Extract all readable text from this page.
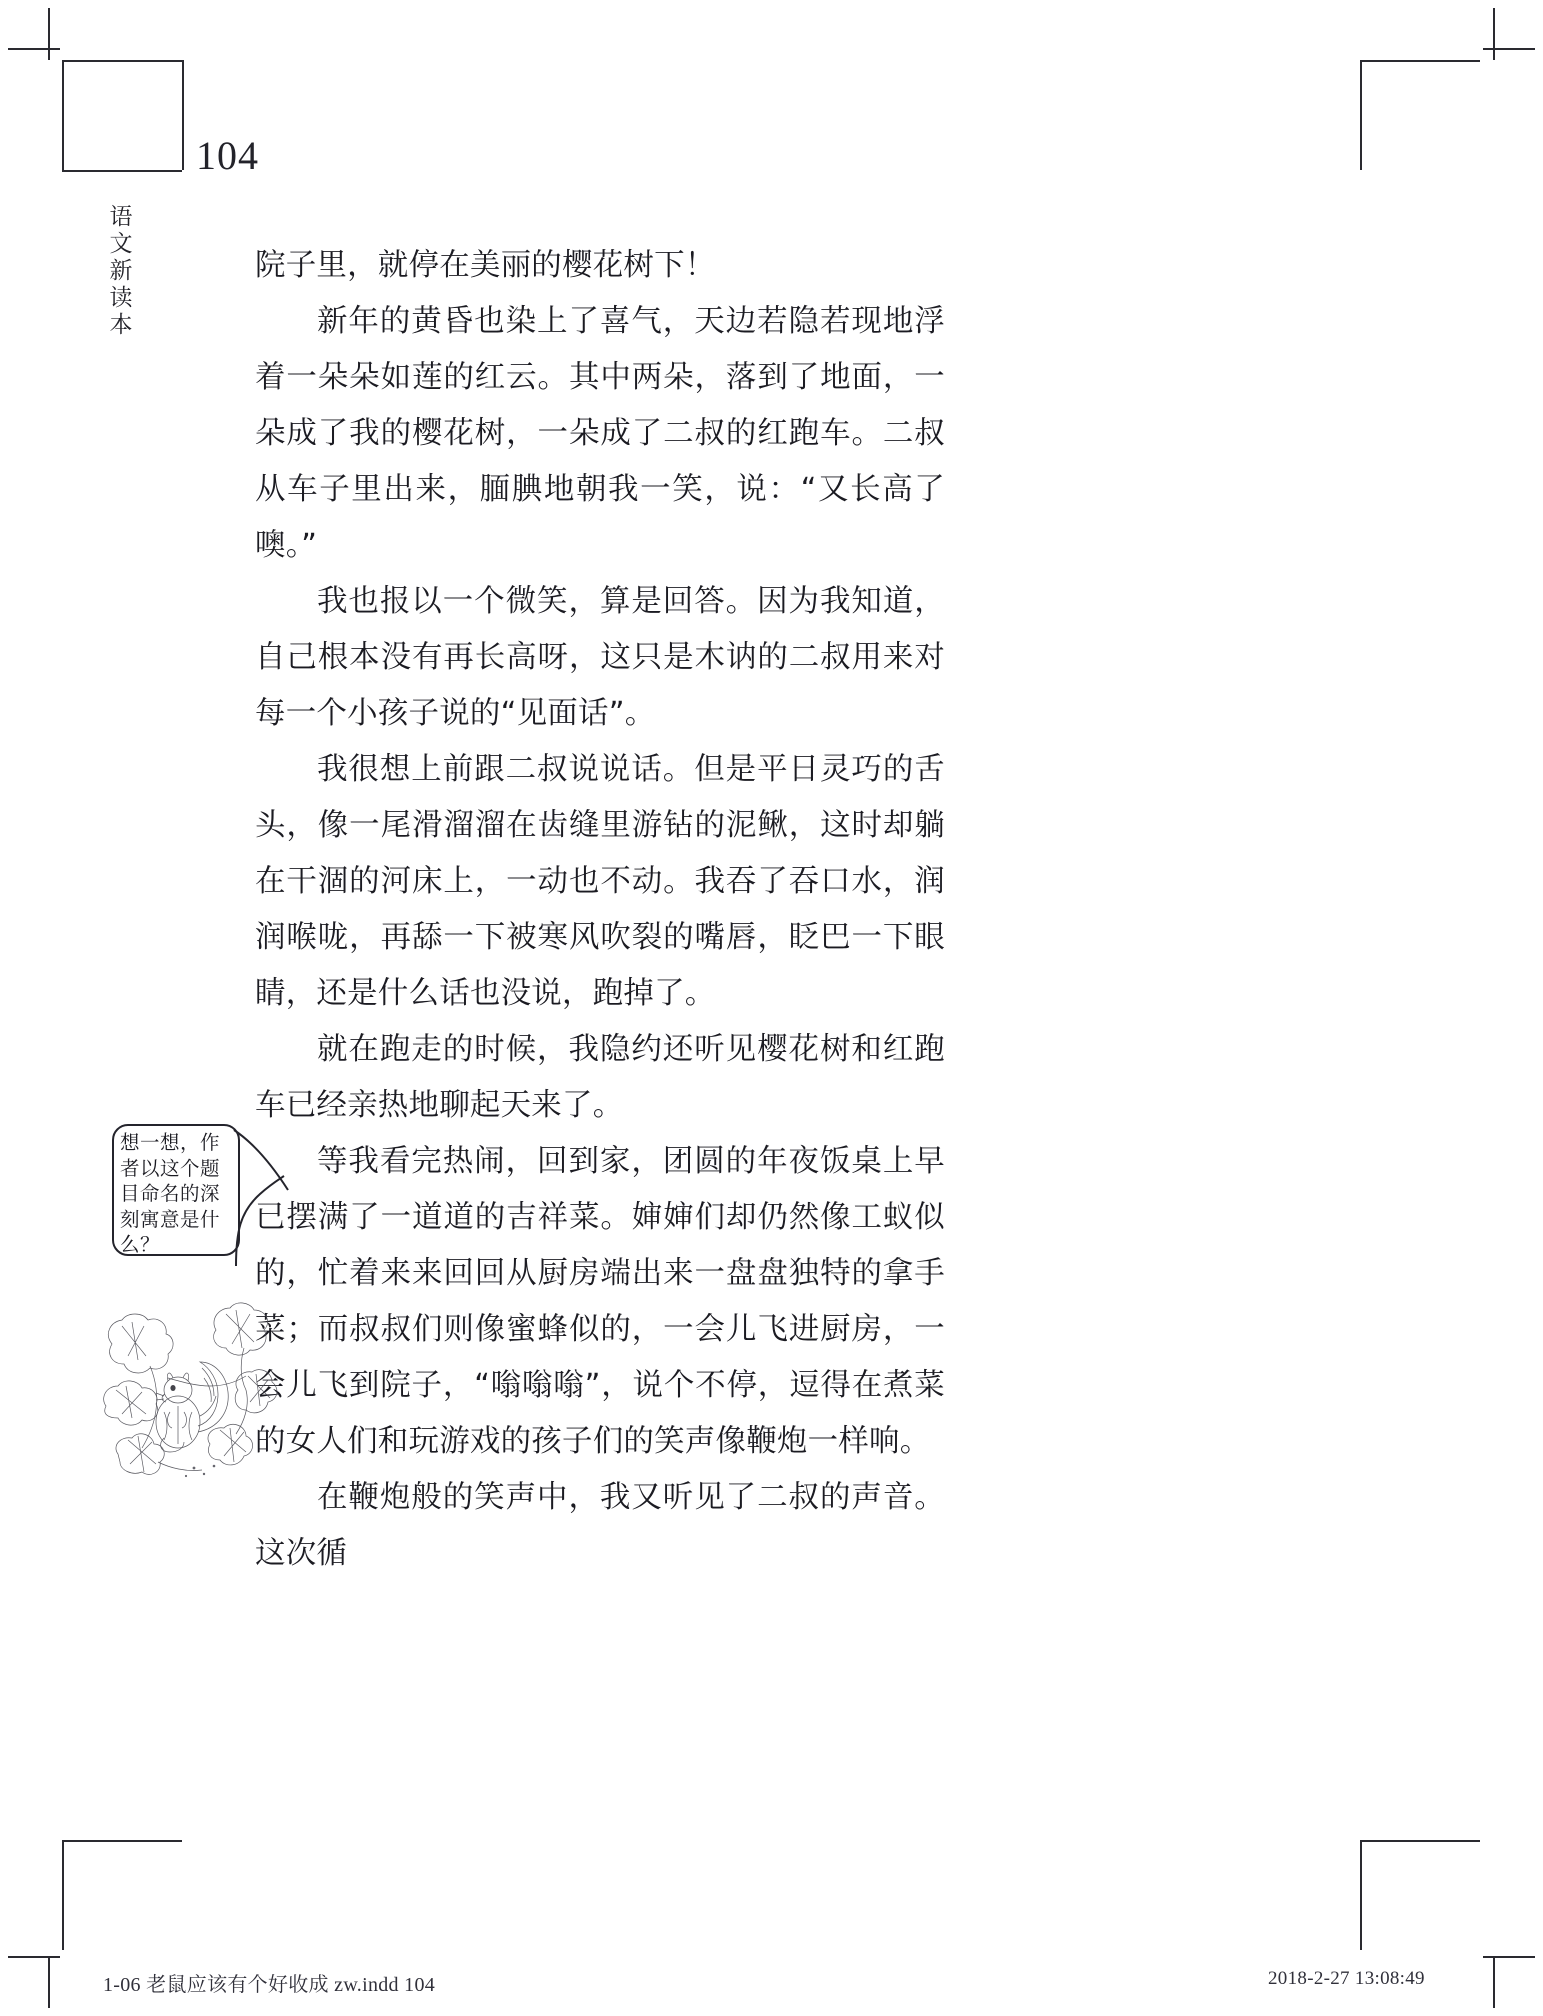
104
语
文
新
读
本

院子里，就停在美丽的樱花树下！

新年的黄昏也染上了喜气，天边若隐若现地浮着一朵朵如莲的红云。其中两朵，落到了地面，一朵成了我的樱花树，一朵成了二叔的红跑车。二叔从车子里出来，腼腆地朝我一笑，说：“又长高了噢。”

我也报以一个微笑，算是回答。因为我知道，自己根本没有再长高呀，这只是木讷的二叔用来对每一个小孩子说的“见面话”。

我很想上前跟二叔说说话。但是平日灵巧的舌头，像一尾滑溜溜在齿缝里游钻的泥鳅，这时却躺在干涸的河床上，一动也不动。我吞了吞口水，润润喉咙，再舔一下被寒风吹裂的嘴唇，眨巴一下眼睛，还是什么话也没说，跑掉了。

就在跑走的时候，我隐约还听见樱花树和红跑车已经亲热地聊起天来了。

等我看完热闹，回到家，团圆的年夜饭桌上早已摆满了一道道的吉祥菜。婶婶们却仍然像工蚁似的，忙着来来回回从厨房端出来一盘盘独特的拿手菜；而叔叔们则像蜜蜂似的，一会儿飞进厨房，一会儿飞到院子，“嗡嗡嗡”，说个不停，逗得在煮菜的女人们和玩游戏的孩子们的笑声像鞭炮一样响。

在鞭炮般的笑声中，我又听见了二叔的声音。这次循

想一想，作者以这个题目命名的深刻寓意是什么？
1-06 老鼠应该有个好收成 zw.indd 104	2018-2-27 13:08:49
